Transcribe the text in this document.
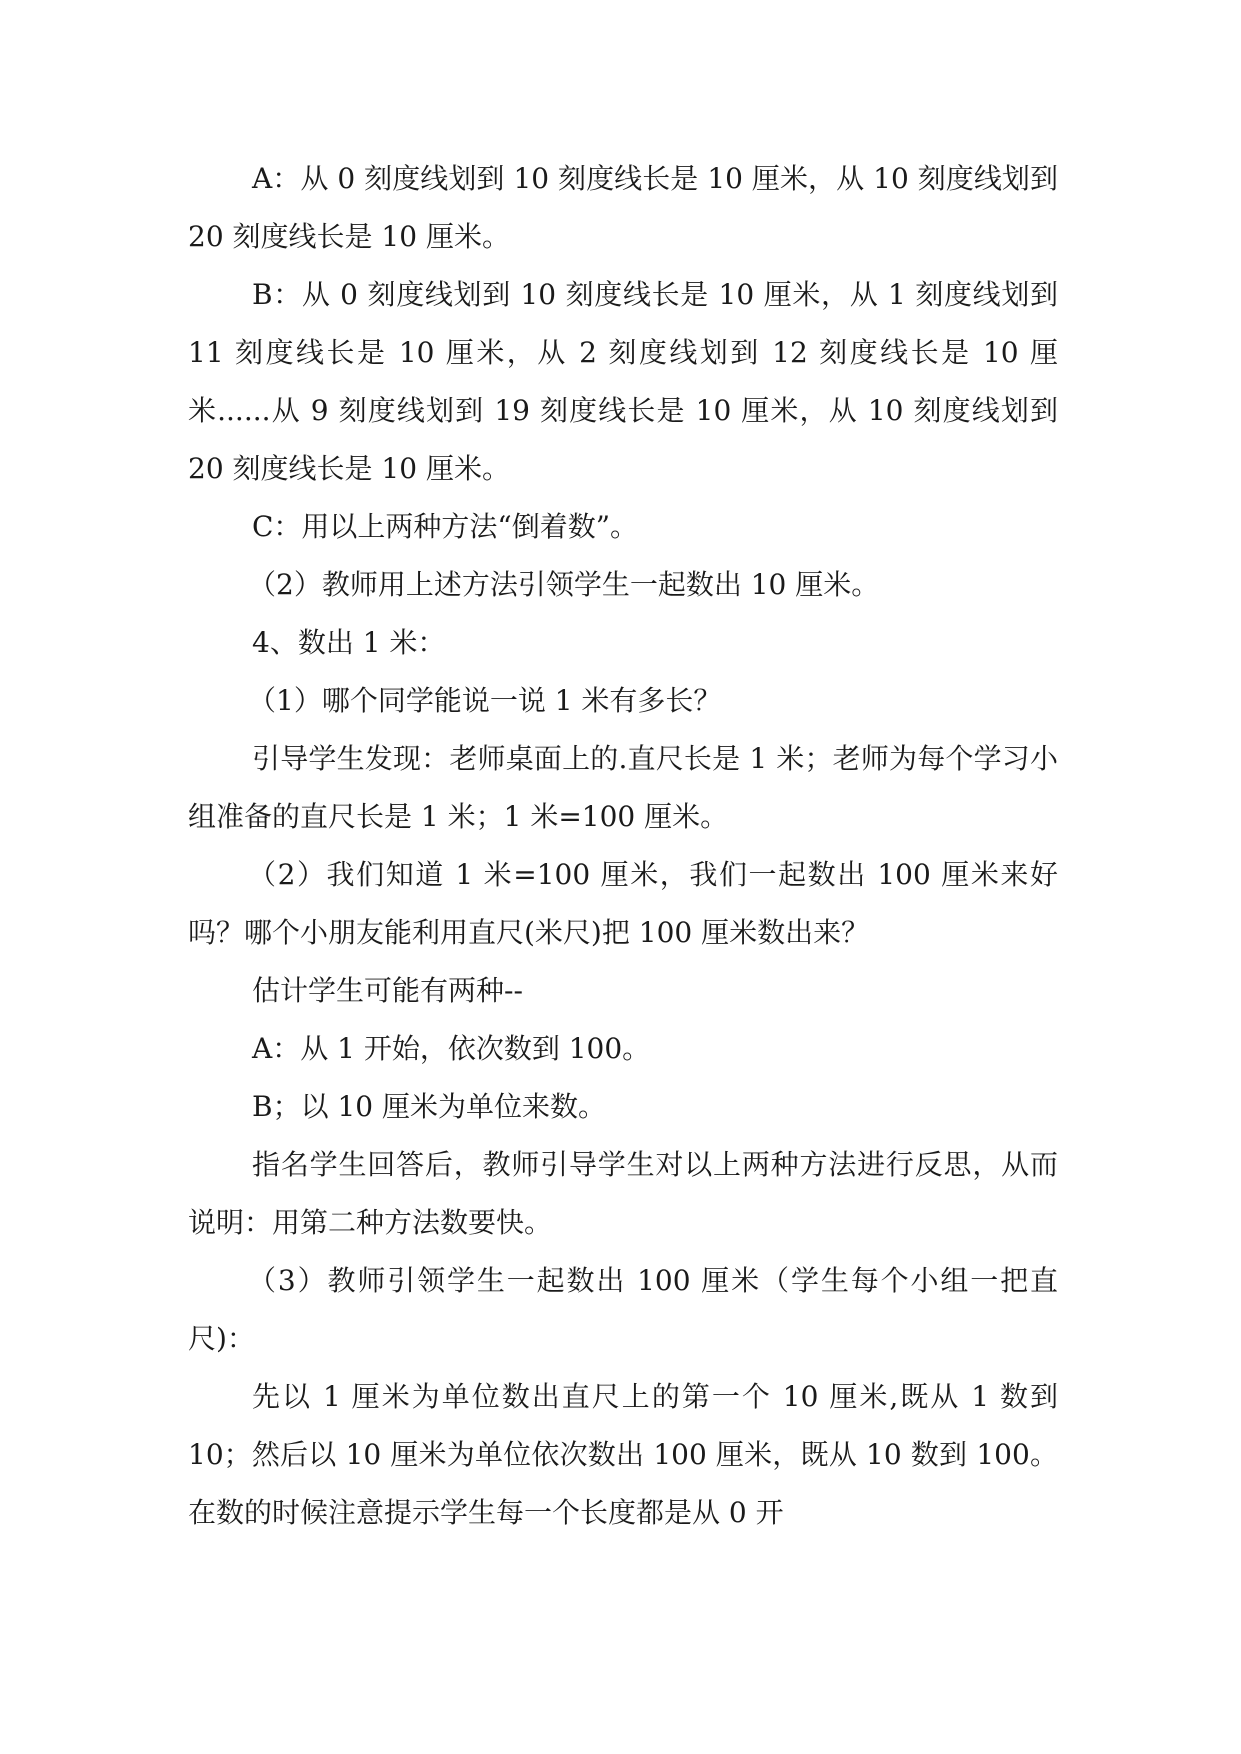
A：从 0 刻度线划到 10 刻度线长是 10 厘米，从 10 刻度线划到 20 刻度线长是 10 厘米。

B：从 0 刻度线划到 10 刻度线长是 10 厘米，从 1 刻度线划到 11 刻度线长是 10 厘米，从 2 刻度线划到 12 刻度线长是 10 厘米......从 9 刻度线划到 19 刻度线长是 10 厘米，从 10 刻度线划到 20 刻度线长是 10 厘米。

C：用以上两种方法“倒着数”。

（2）教师用上述方法引领学生一起数出 10 厘米。

4、数出 1 米：

（1）哪个同学能说一说 1 米有多长？

引导学生发现：老师桌面上的.直尺长是 1 米；老师为每个学习小组准备的直尺长是 1 米；1 米=100 厘米。

（2）我们知道 1 米=100 厘米，我们一起数出 100 厘米来好吗？哪个小朋友能利用直尺(米尺)把 100 厘米数出来？

估计学生可能有两种--

A：从 1 开始，依次数到 100。

B；以 10 厘米为单位来数。

指名学生回答后，教师引导学生对以上两种方法进行反思，从而说明：用第二种方法数要快。

（3）教师引领学生一起数出 100 厘米（学生每个小组一把直尺)：

先以 1 厘米为单位数出直尺上的第一个 10 厘米,既从 1 数到 10；然后以 10 厘米为单位依次数出 100 厘米，既从 10 数到 100。在数的时候注意提示学生每一个长度都是从 0 开
